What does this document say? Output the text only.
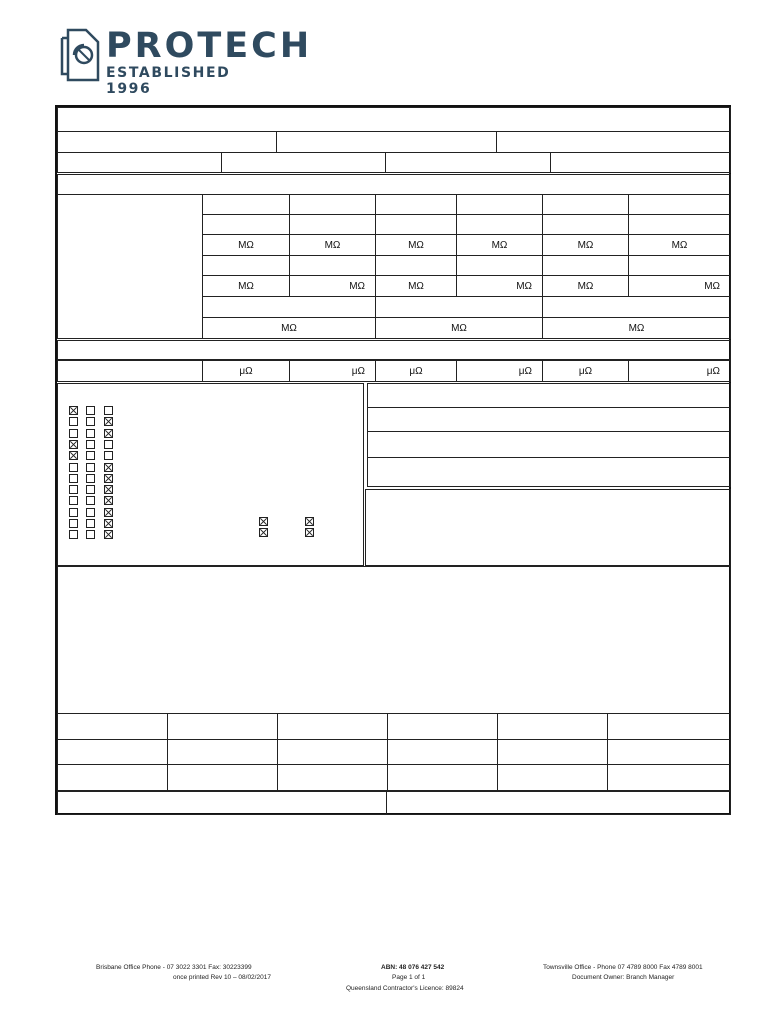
PROTECH
ESTABLISHED 1996
MΩ	MΩ	MΩ	MΩ	MΩ	MΩ
MΩ	MΩ	MΩ	MΩ	MΩ	MΩ
MΩ	MΩ	MΩ
μΩ	μΩ	μΩ	μΩ	μΩ	μΩ
Brisbane Office Phone - 07 3022 3301 Fax: 30223399
once printed Rev 10 – 08/02/2017
ABN: 48 076 427 542
Page 1 of 1
Queensland Contractor's Licence: 89824
Townsville Office - Phone 07 4789 8000 Fax 4789 8001
Document Owner: Branch Manager
